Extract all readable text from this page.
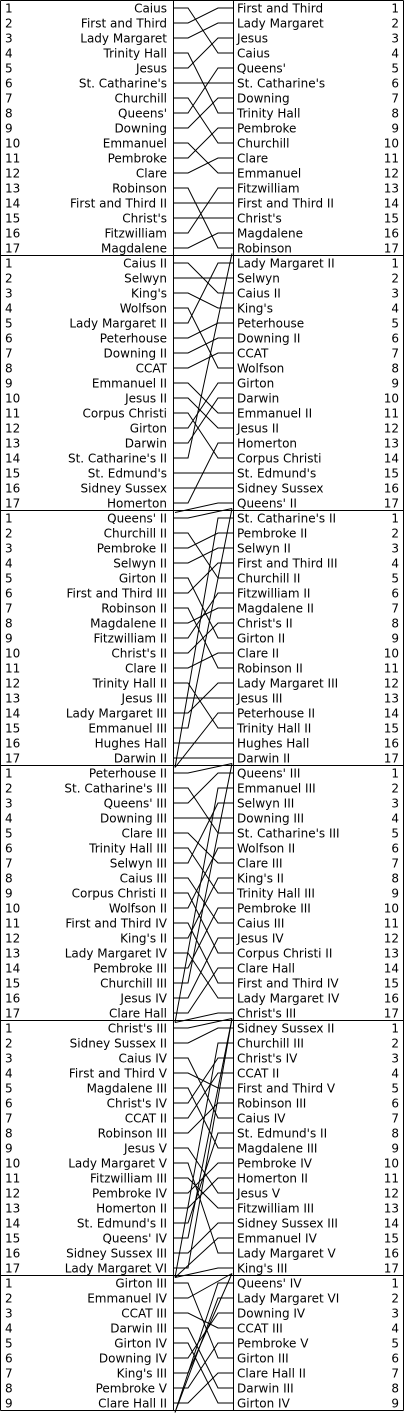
1	Caius	First and Third	1
2	First and Third	Lady Margaret	2
3	Lady Margaret	Jesus	3
4	Trinity Hall	Caius	4
5	Jesus	Queens'	5
6	St. Catharine's	St. Catharine's	6
7	Churchill	Downing	7
8	Queens'	Trinity Hall	8
9	Downing	Pembroke	9
10	Emmanuel	Churchill	10
11	Pembroke	Clare	11
12	Clare	Emmanuel	12
13	Robinson	Fitzwilliam	13
14	First and Third II	First and Third II	14
15	Christ's	Christ's	15
16	Fitzwilliam	Magdalene	16
17	Magdalene	Robinson	17
1	Caius II	Lady Margaret II	1
2	Selwyn	Selwyn	2
3	King's	Caius II	3
4	Wolfson	King's	4
5	Lady Margaret II	Peterhouse	5
6	Peterhouse	Downing II	6
7	Downing II	CCAT	7
8	CCAT	Wolfson	8
9	Emmanuel II	Girton	9
10	Jesus II	Darwin	10
11	Corpus Christi	Emmanuel II	11
12	Girton	Jesus II	12
13	Darwin	Homerton	13
14	St. Catharine's II	Corpus Christi	14
15	St. Edmund's	St. Edmund's	15
16	Sidney Sussex	Sidney Sussex	16
17	Homerton	Queens' II	17
1	Queens' II	St. Catharine's II	1
2	Churchill II	Pembroke II	2
3	Pembroke II	Selwyn II	3
4	Selwyn II	First and Third III	4
5	Girton II	Churchill II	5
6	First and Third III	Fitzwilliam II	6
7	Robinson II	Magdalene II	7
8	Magdalene II	Christ's II	8
9	Fitzwilliam II	Girton II	9
10	Christ's II	Clare II	10
11	Clare II	Robinson II	11
12	Trinity Hall II	Lady Margaret III	12
13	Jesus III	Jesus III	13
14	Lady Margaret III	Peterhouse II	14
15	Emmanuel III	Trinity Hall II	15
16	Hughes Hall	Hughes Hall	16
17	Darwin II	Darwin II	17
1	Peterhouse II	Queens' III	1
2	St. Catharine's III	Emmanuel III	2
3	Queens' III	Selwyn III	3
4	Downing III	Downing III	4
5	Clare III	St. Catharine's III	5
6	Trinity Hall III	Wolfson II	6
7	Selwyn III	Clare III	7
8	Caius III	King's II	8
9	Corpus Christi II	Trinity Hall III	9
10	Wolfson II	Pembroke III	10
11	First and Third IV	Caius III	11
12	King's II	Jesus IV	12
13	Lady Margaret IV	Corpus Christi II	13
14	Pembroke III	Clare Hall	14
15	Churchill III	First and Third IV	15
16	Jesus IV	Lady Margaret IV	16
17	Clare Hall	Christ's III	17
1	Christ's III	Sidney Sussex II	1
2	Sidney Sussex II	Churchill III	2
3	Caius IV	Christ's IV	3
4	First and Third V	CCAT II	4
5	Magdalene III	First and Third V	5
6	Christ's IV	Robinson III	6
7	CCAT II	Caius IV	7
8	Robinson III	St. Edmund's II	8
9	Jesus V	Magdalene III	9
10	Lady Margaret V	Pembroke IV	10
11	Fitzwilliam III	Homerton II	11
12	Pembroke IV	Jesus V	12
13	Homerton II	Fitzwilliam III	13
14	St. Edmund's II	Sidney Sussex III	14
15	Queens' IV	Emmanuel IV	15
16	Sidney Sussex III	Lady Margaret V	16
17	Lady Margaret VI	King's III	17
1	Girton III	Queens' IV	1
2	Emmanuel IV	Lady Margaret VI	2
3	CCAT III	Downing IV	3
4	Darwin III	CCAT III	4
5	Girton IV	Pembroke V	5
6	Downing IV	Girton III	6
7	King's III	Clare Hall II	7
8	Pembroke V	Darwin III	8
9	Clare Hall II	Girton IV	9
